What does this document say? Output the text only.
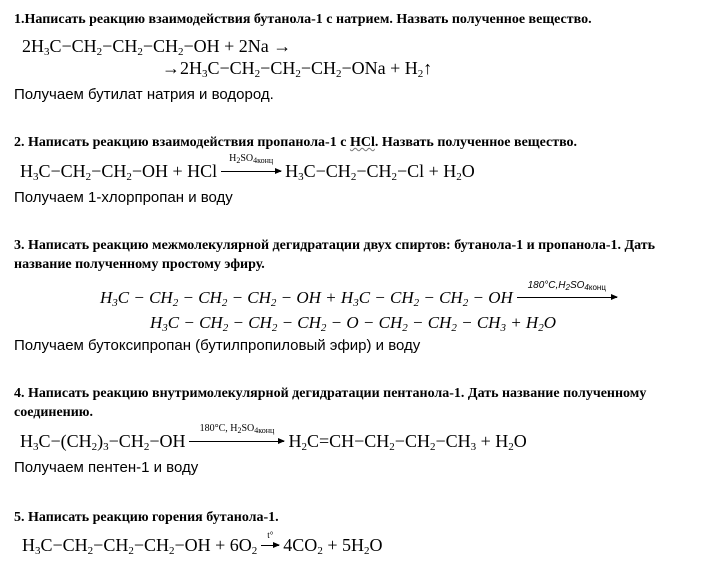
1.Написать реакцию взаимодействия бутанола-1 с натрием. Назвать полученное вещество.
$2H_3C-CH_2-CH_2-CH_2-OH + 2Na$ →
$\to 2H_3C-CH_2-CH_2-CH_2-ONa$ + $H_2↑$
Получаем бутилат натрия и водород.
2. Написать реакцию взаимодействия пропанола-1 с HCl. Назвать полученное вещество.
$H_3C-CH_2-CH_2-OH$ + HCl
$H_2SO_{4конц}$
$H_3C-CH_2-CH_2-Cl + H_2O$
Получаем 1-хлорпропан и воду
3. Написать реакцию межмолекулярной дегидратации двух спиртов: бутанола-1 и пропанола-1. Дать название полученному простому эфиру.
$H_3C - CH_2 - CH_2 - CH_2$ − OH + $H_3C - CH_2 - CH_2$ − OH
$180^\circ C,H_2SO_{4конц}$
$H_3C - CH_2 - CH_2 - CH_2 - O - CH_2 - CH_2 - CH_3 + H_2O$
Получаем бутоксипропан (бутилпропиловый эфир) и воду
4. Написать реакцию внутримолекулярной дегидратации пентанола-1. Дать название полученному соединению.
$H_3C-(CH_2)_3-CH_2-OH$
180°C, $H_2SO_{4конц}$
$H_2C=CH-CH_2-CH_2-CH_3 + H_2O$
Получаем пентен-1 и воду
5. Написать реакцию горения бутанола-1.
$H_3C-CH_2-CH_2-CH_2-OH + 6O_2$
t° $4CO_2 + 5H_2O$
